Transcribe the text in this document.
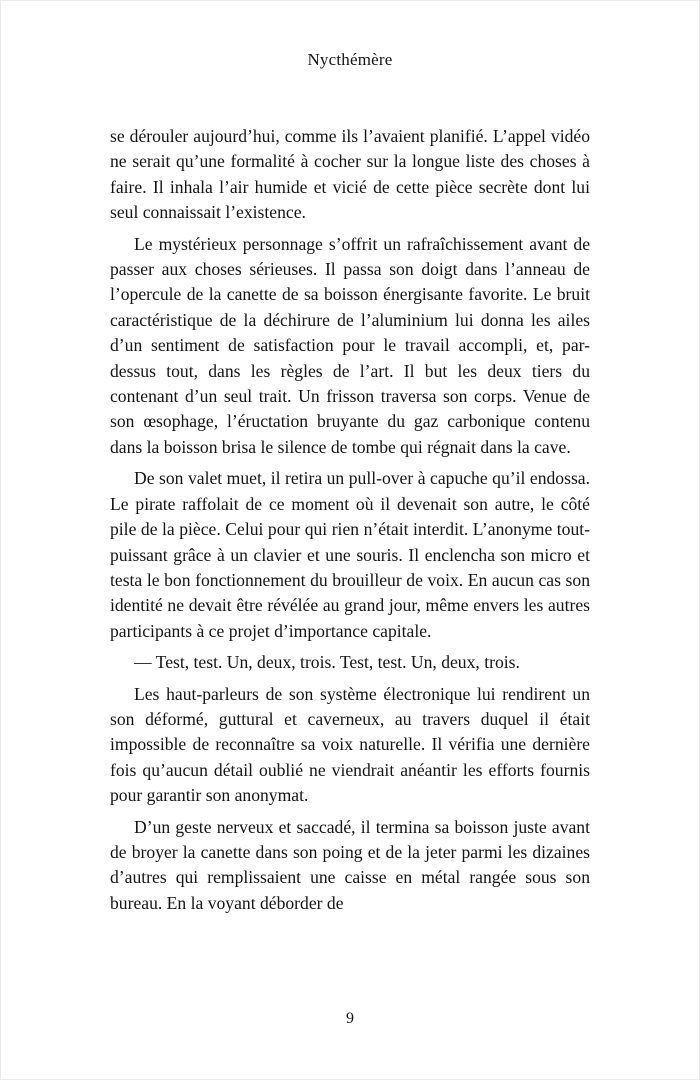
Nycthémère

se dérouler aujourd’hui, comme ils l’avaient planifié. L’appel vidéo ne serait qu’une formalité à cocher sur la longue liste des choses à faire. Il inhala l’air humide et vicié de cette pièce secrète dont lui seul connaissait l’existence.

Le mystérieux personnage s’offrit un rafraîchissement avant de passer aux choses sérieuses. Il passa son doigt dans l’anneau de l’opercule de la canette de sa boisson énergisante favorite. Le bruit caractéristique de la déchirure de l’aluminium lui donna les ailes d’un sentiment de satisfaction pour le travail accompli, et, par-dessus tout, dans les règles de l’art. Il but les deux tiers du contenant d’un seul trait. Un frisson traversa son corps. Venue de son œsophage, l’éructation bruyante du gaz carbonique contenu dans la boisson brisa le silence de tombe qui régnait dans la cave.

De son valet muet, il retira un pull-over à capuche qu’il endossa. Le pirate raffolait de ce moment où il devenait son autre, le côté pile de la pièce. Celui pour qui rien n’était interdit. L’anonyme tout-puissant grâce à un clavier et une souris. Il enclencha son micro et testa le bon fonctionnement du brouilleur de voix. En aucun cas son identité ne devait être révélée au grand jour, même envers les autres participants à ce projet d’importance capitale.

— Test, test. Un, deux, trois. Test, test. Un, deux, trois.

Les haut-parleurs de son système électronique lui rendirent un son déformé, guttural et caverneux, au travers duquel il était impossible de reconnaître sa voix naturelle. Il vérifia une dernière fois qu’aucun détail oublié ne viendrait anéantir les efforts fournis pour garantir son anonymat.

D’un geste nerveux et saccadé, il termina sa boisson juste avant de broyer la canette dans son poing et de la jeter parmi les dizaines d’autres qui remplissaient une caisse en métal rangée sous son bureau. En la voyant déborder de

9
